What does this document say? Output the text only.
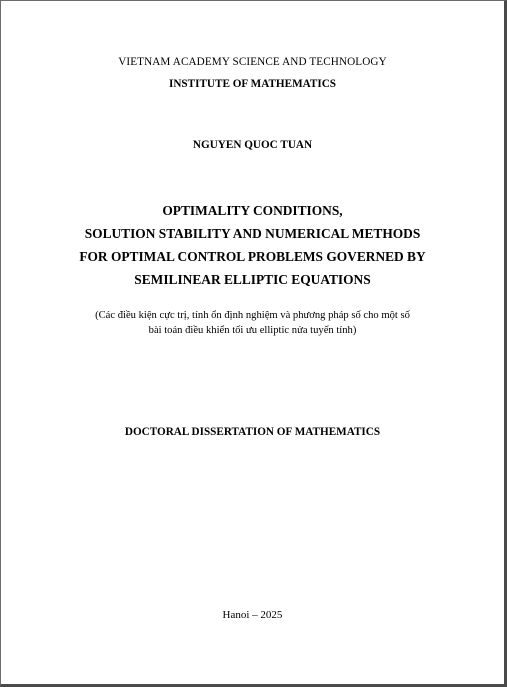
VIETNAM ACADEMY SCIENCE AND TECHNOLOGY
INSTITUTE OF MATHEMATICS
NGUYEN QUOC TUAN
OPTIMALITY CONDITIONS,
SOLUTION STABILITY AND NUMERICAL METHODS
FOR OPTIMAL CONTROL PROBLEMS GOVERNED BY
SEMILINEAR ELLIPTIC EQUATIONS
(Các điều kiện cực trị, tính ổn định nghiệm và phương pháp số cho một số
bài toán điều khiển tối ưu elliptic nửa tuyến tính)
DOCTORAL DISSERTATION OF MATHEMATICS
Hanoi – 2025
